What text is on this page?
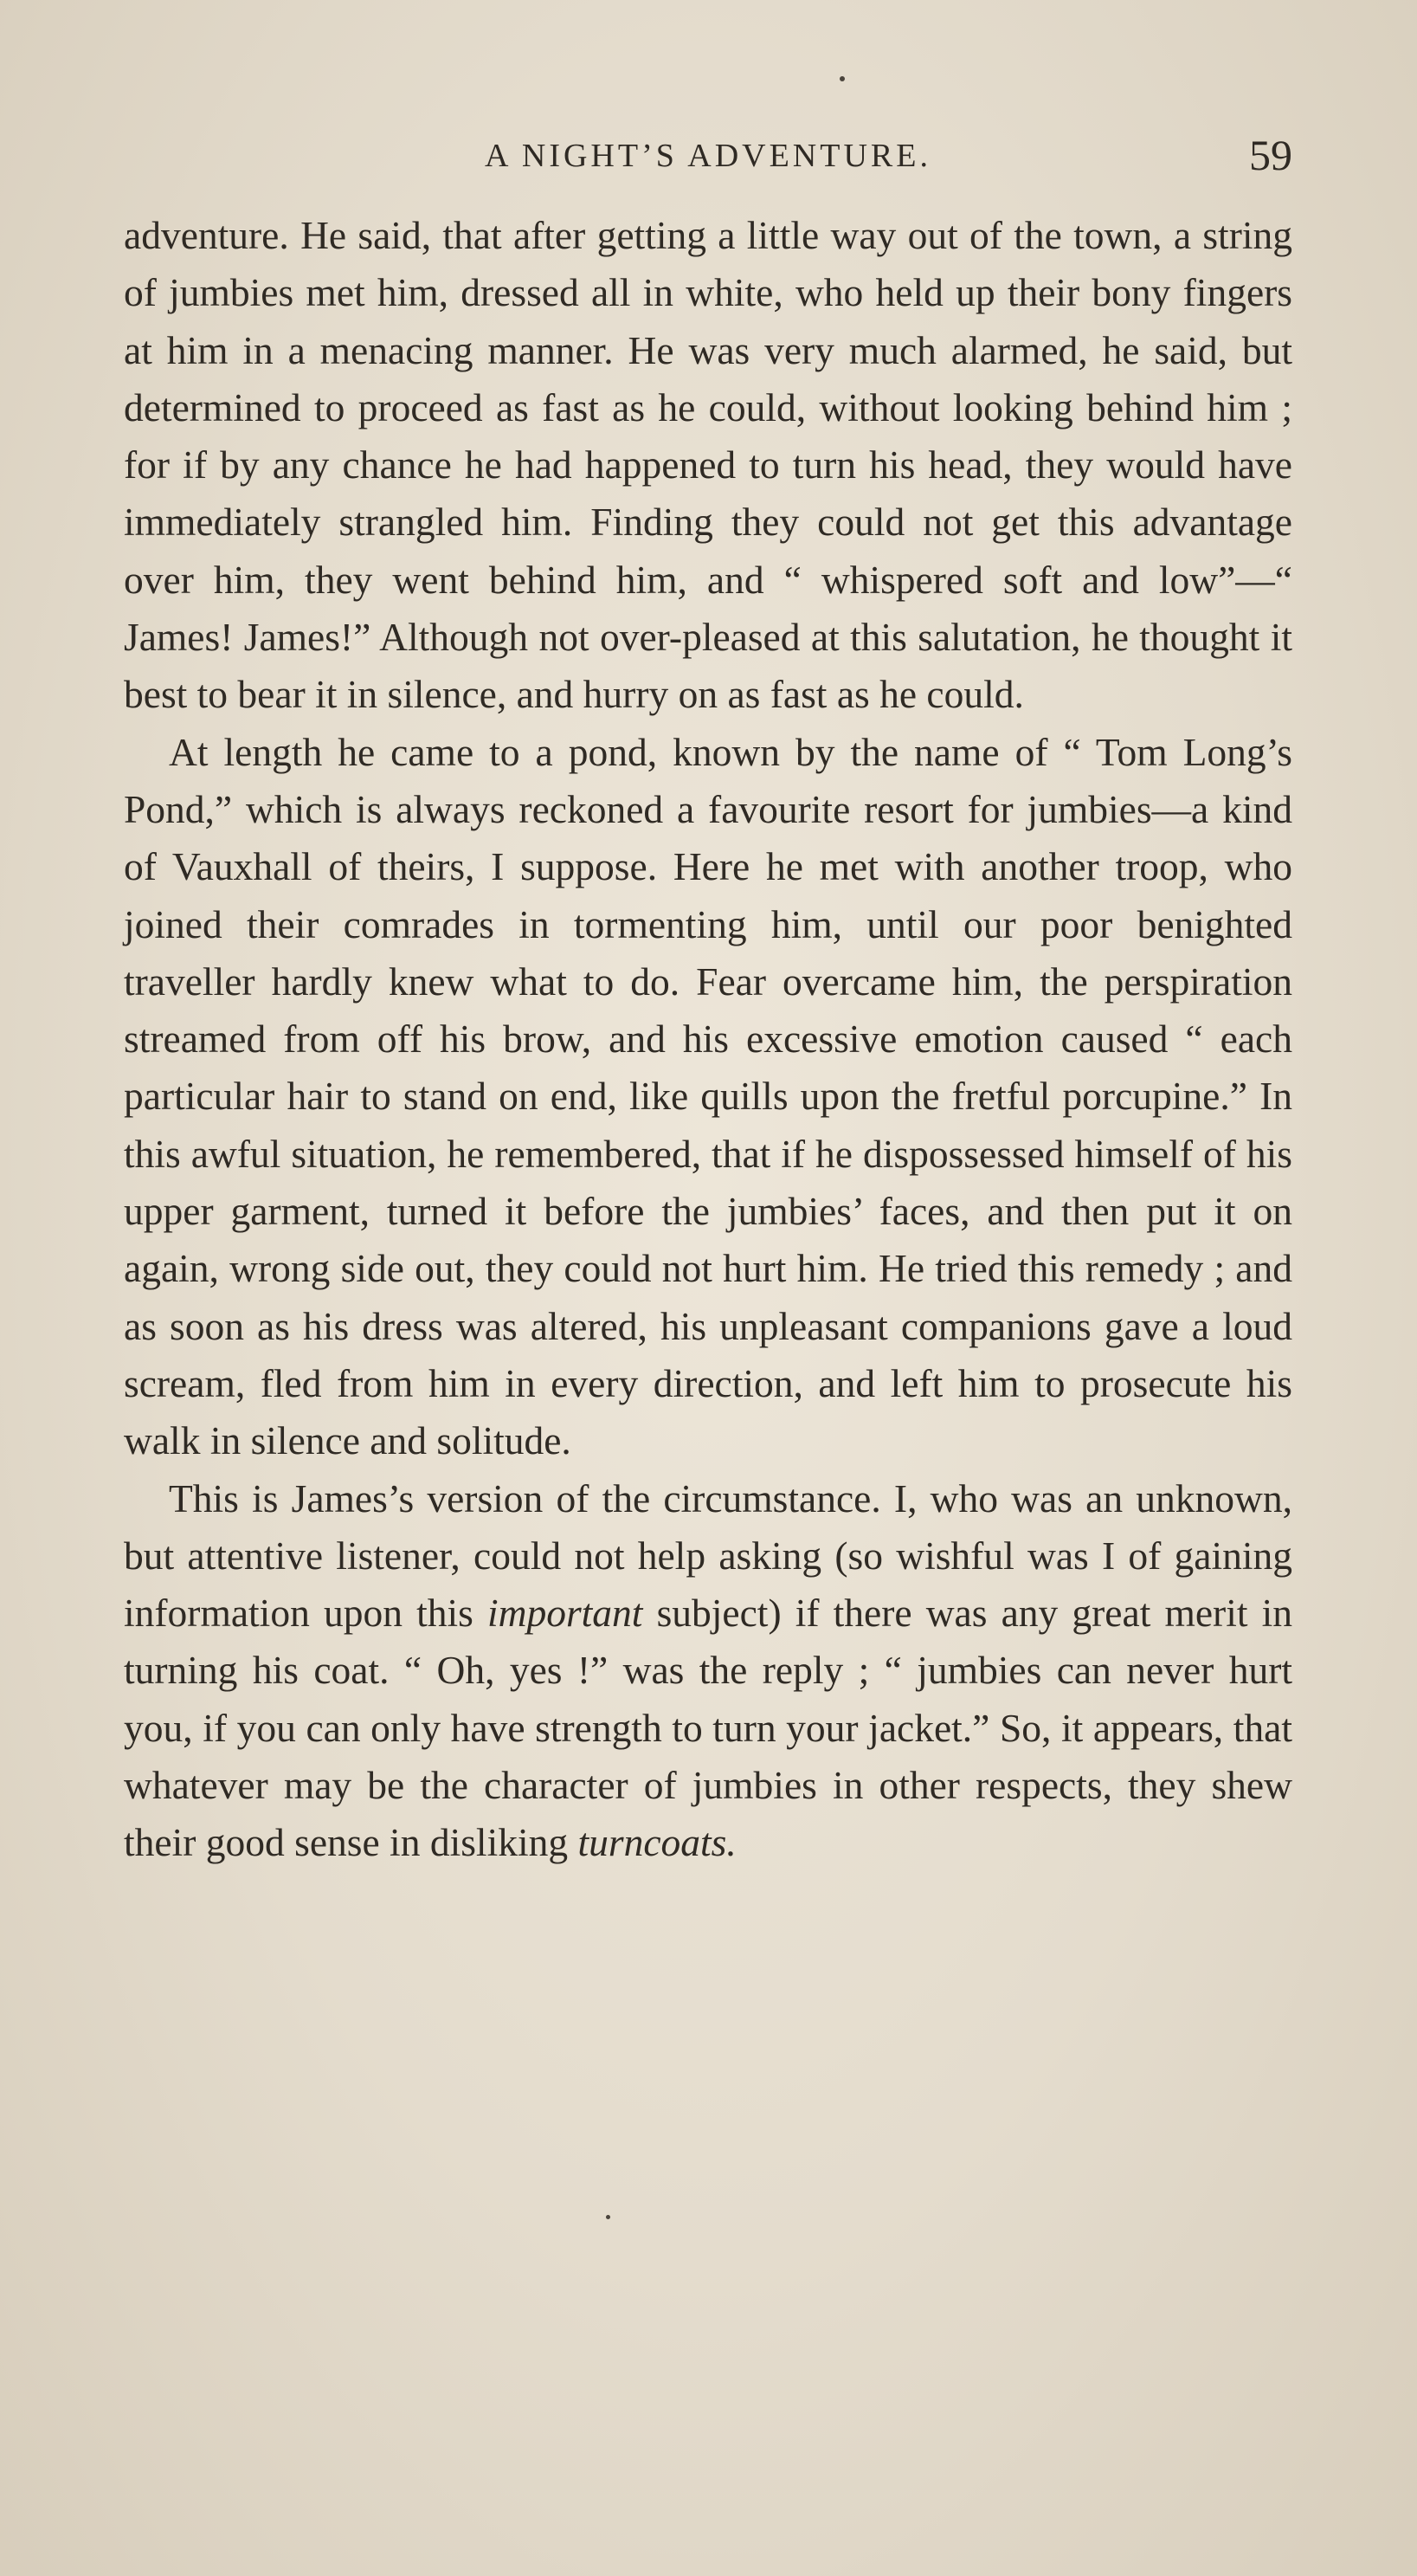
A NIGHT’S ADVENTURE.	59

adventure. He said, that after getting a little way out of the town, a string of jumbies met him, dressed all in white, who held up their bony fingers at him in a menacing manner. He was very much alarmed, he said, but determined to proceed as fast as he could, without looking behind him ; for if by any chance he had happened to turn his head, they would have immediately strangled him. Finding they could not get this advantage over him, they went behind him, and “ whispered soft and low”—“ James! James!” Although not over-pleased at this salutation, he thought it best to bear it in silence, and hurry on as fast as he could.

At length he came to a pond, known by the name of “ Tom Long’s Pond,” which is always reckoned a favourite resort for jumbies—a kind of Vauxhall of theirs, I suppose. Here he met with another troop, who joined their comrades in tormenting him, until our poor benighted traveller hardly knew what to do. Fear overcame him, the perspiration streamed from off his brow, and his excessive emotion caused “ each particular hair to stand on end, like quills upon the fretful porcupine.” In this awful situation, he remembered, that if he dispossessed himself of his upper garment, turned it before the jumbies’ faces, and then put it on again, wrong side out, they could not hurt him. He tried this remedy ; and as soon as his dress was altered, his unpleasant companions gave a loud scream, fled from him in every direction, and left him to prosecute his walk in silence and solitude.

This is James’s version of the circumstance. I, who was an unknown, but attentive listener, could not help asking (so wishful was I of gaining information upon this important subject) if there was any great merit in turning his coat. “ Oh, yes !” was the reply ; “ jumbies can never hurt you, if you can only have strength to turn your jacket.” So, it appears, that whatever may be the character of jumbies in other respects, they shew their good sense in disliking turncoats.
